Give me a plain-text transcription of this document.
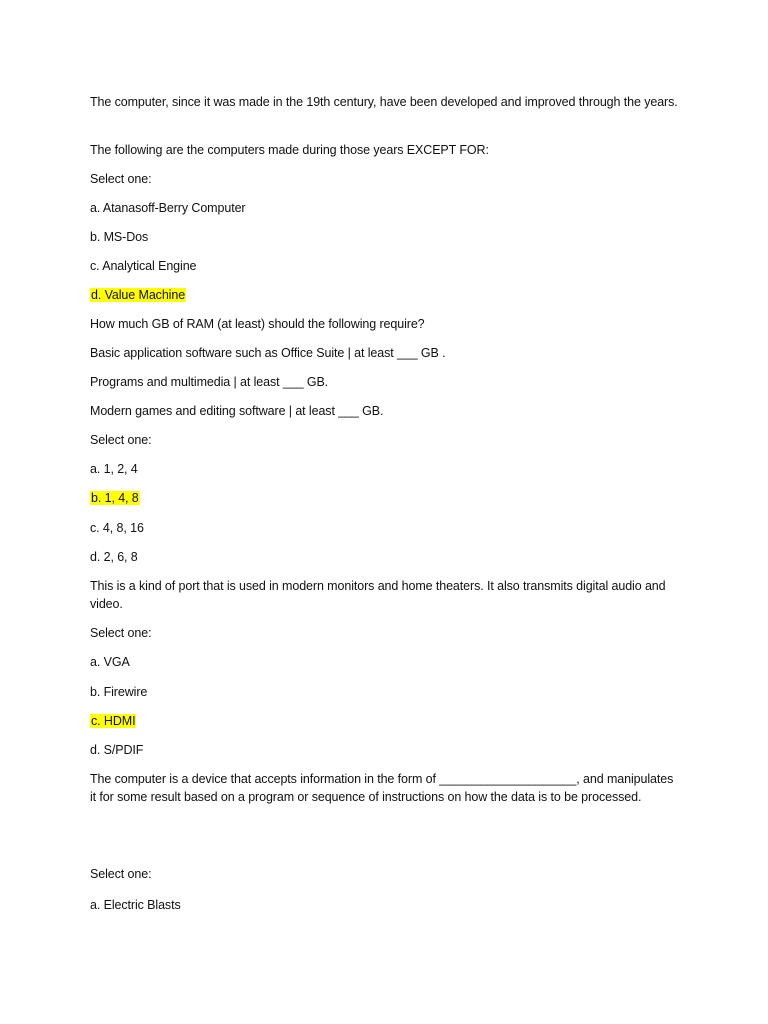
The computer, since it was made in the 19th century, have been developed and improved through the years.
The following are the computers made during those years EXCEPT FOR:
Select one:
a. Atanasoff-Berry Computer
b. MS-Dos
c. Analytical Engine
d. Value Machine
How much GB of RAM (at least) should the following require?
Basic application software such as Office Suite | at least ___ GB .
Programs and multimedia | at least ___ GB.
Modern games and editing software | at least ___ GB.
Select one:
a. 1, 2, 4
b. 1, 4, 8
c. 4, 8, 16
d. 2, 6, 8
This is a kind of port that is used in modern monitors and home theaters. It also transmits digital audio and video.
Select one:
a. VGA
b. Firewire
c. HDMI
d. S/PDIF
The computer is a device that accepts information in the form of ____________________, and manipulates it for some result based on a program or sequence of instructions on how the data is to be processed.
Select one:
a. Electric Blasts
